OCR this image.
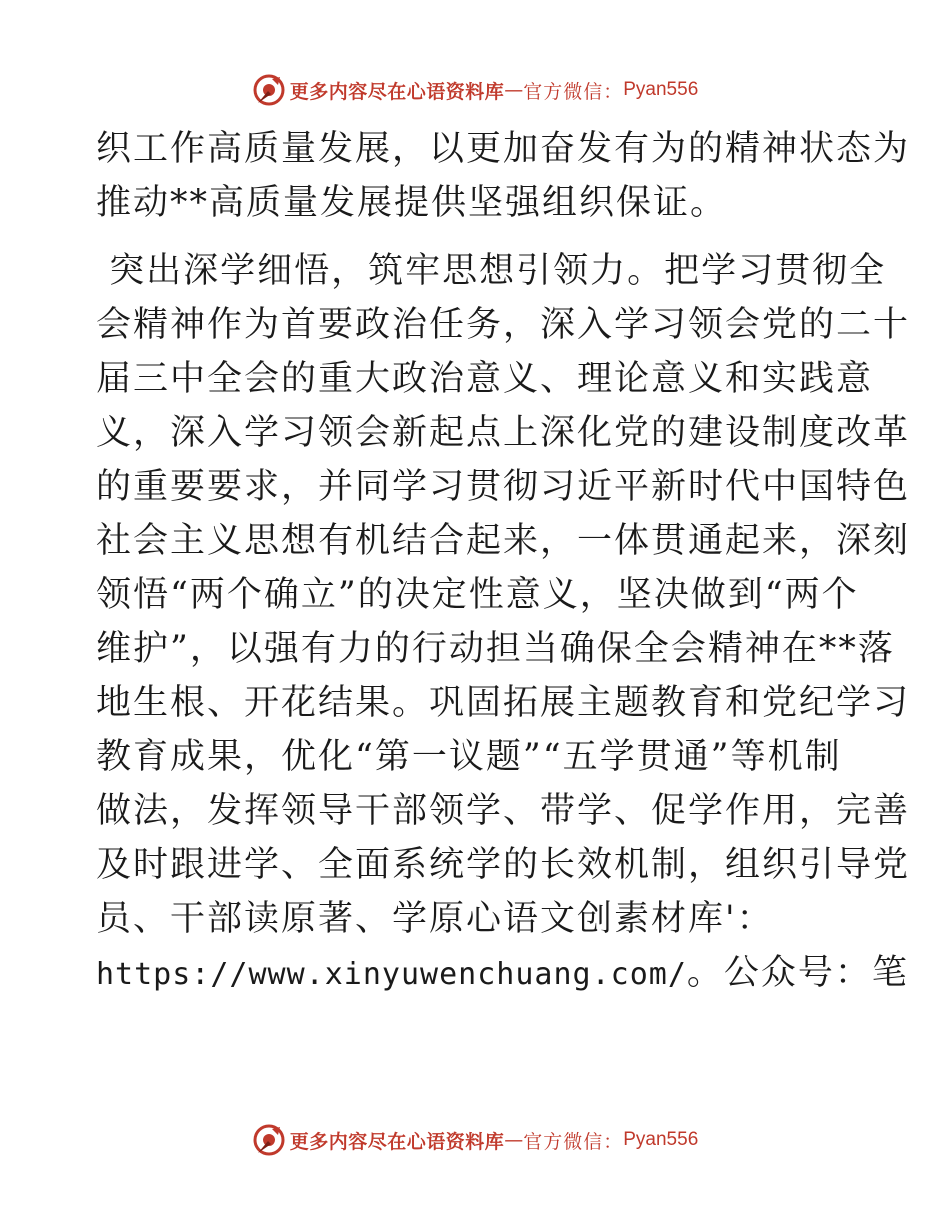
更多内容尽在心语资料库 — 官方微信： Pyan556
织工作高质量发展，以更加奋发有为的精神状态为
推动**高质量发展提供坚强组织保证。
突出深学细悟，筑牢思想引领力。把学习贯彻全
会精神作为首要政治任务，深入学习领会党的二十
届三中全会的重大政治意义、理论意义和实践意
义，深入学习领会新起点上深化党的建设制度改革
的重要要求，并同学习贯彻习近平新时代中国特色
社会主义思想有机结合起来，一体贯通起来，深刻
领悟“两个确立”的决定性意义，坚决做到“两个
维护”，以强有力的行动担当确保全会精神在**落
地生根、开花结果。巩固拓展主题教育和党纪学习
教育成果，优化“第一议题”“五学贯通”等机制
做法，发挥领导干部领学、带学、促学作用，完善
及时跟进学、全面系统学的长效机制，组织引导党
员、干部读原著、学原心语文创素材库'：
https://www.xinyuwenchuang.com/。公众号：笔
更多内容尽在心语资料库 — 官方微信： Pyan556
